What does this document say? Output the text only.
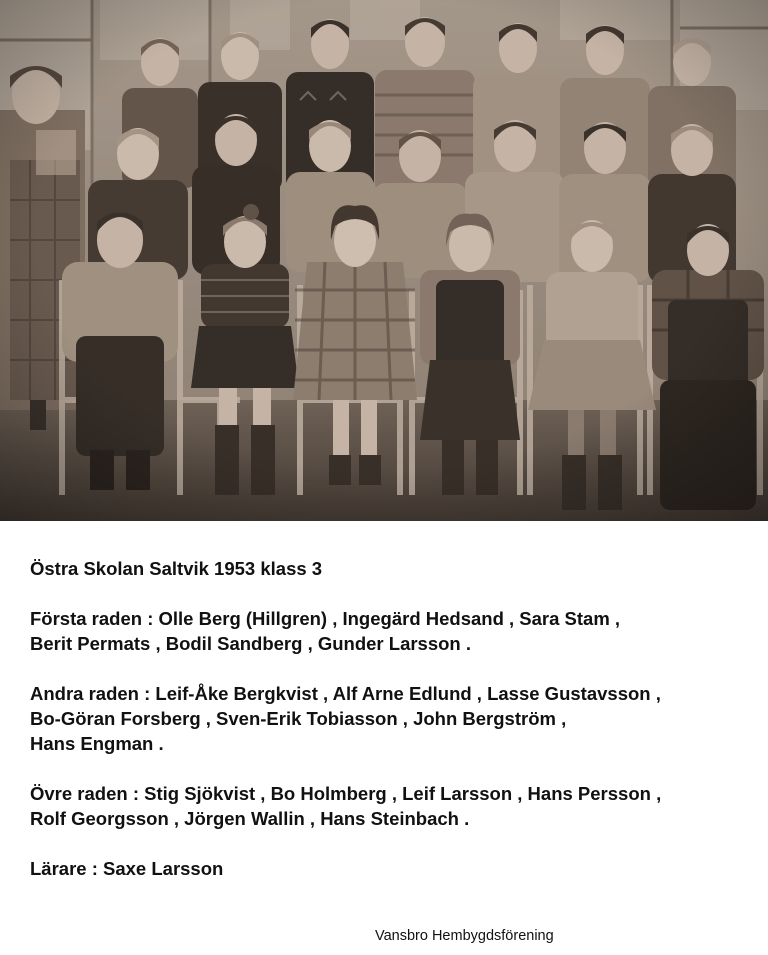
Östra Skolan Saltvik 1953 klass 3
Första raden : Olle Berg (Hillgren) , Ingegärd Hedsand , Sara Stam ,
Berit Permats , Bodil Sandberg , Gunder Larsson .
Andra raden : Leif-Åke Bergkvist , Alf Arne Edlund , Lasse Gustavsson ,
Bo-Göran Forsberg , Sven-Erik Tobiasson , John Bergström ,
Hans Engman .
Övre raden : Stig Sjökvist , Bo Holmberg , Leif Larsson , Hans Persson ,
Rolf Georgsson , Jörgen Wallin , Hans Steinbach .
Lärare : Saxe Larsson
Vansbro Hembygdsförening
